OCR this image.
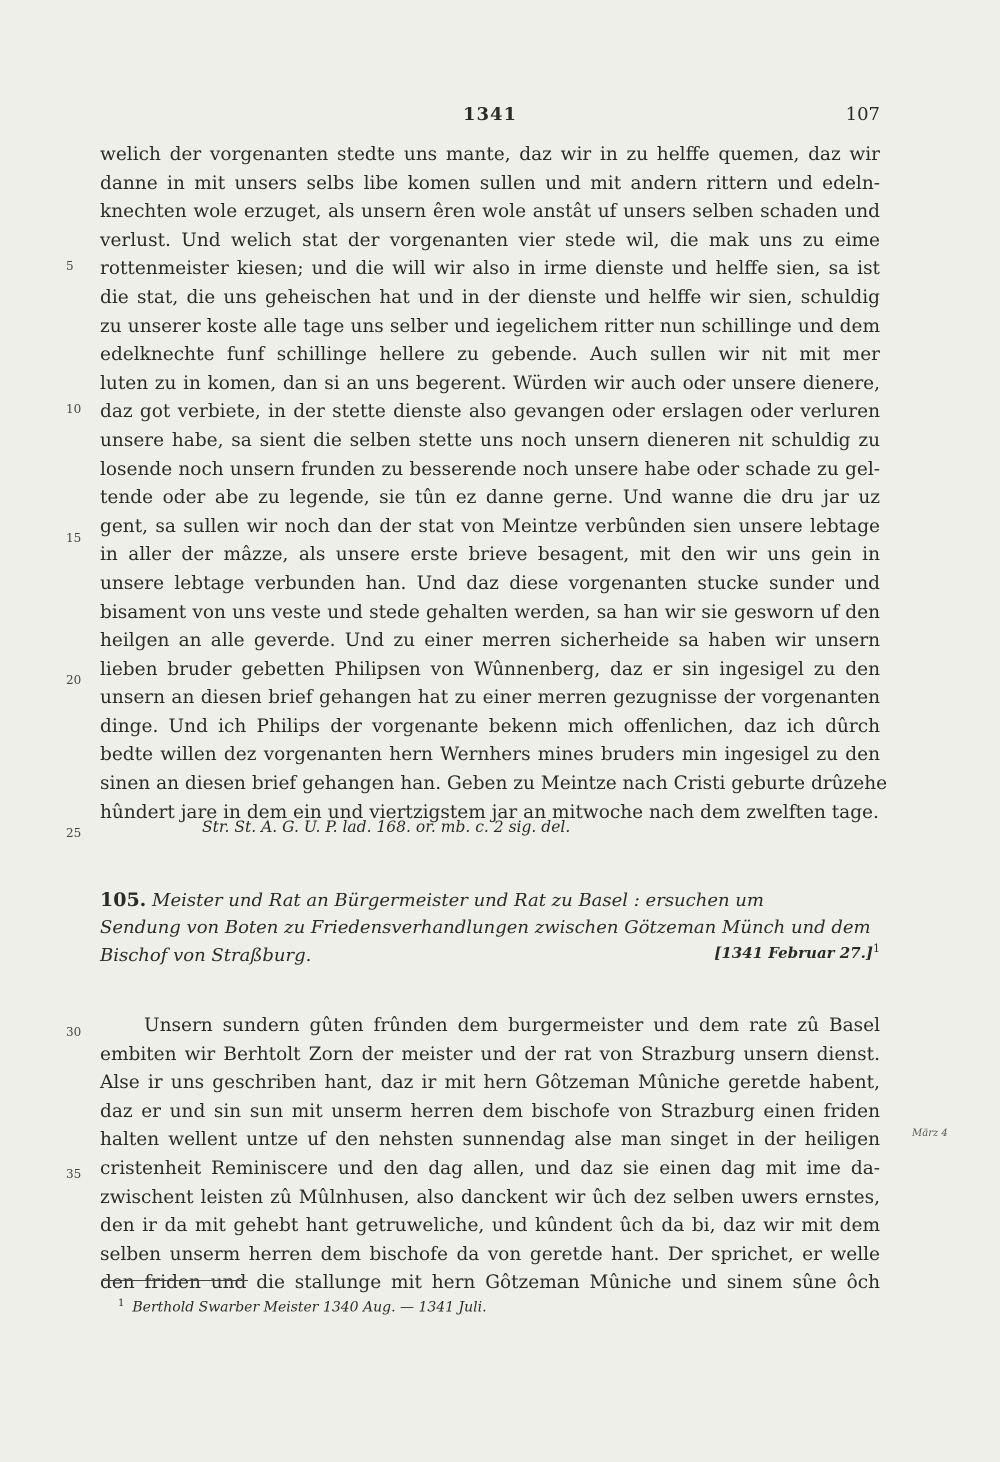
1341	107
5
10
15
20
25
30
35
welich der vorgenanten stedte uns mante, daz wir in zu helffe quemen, daz wir
danne in mit unsers selbs libe komen sullen und mit andern rittern und edeln-
knechten wole erzuget, als unsern êren wole anstât uf unsers selben schaden und
verlust. Und welich stat der vorgenanten vier stede wil, die mak uns zu eime
rottenmeister kiesen; und die will wir also in irme dienste und helffe sien, sa ist
die stat, die uns geheischen hat und in der dienste und helffe wir sien, schuldig
zu unserer koste alle tage uns selber und iegelichem ritter nun schillinge und dem
edelknechte funf schillinge hellere zu gebende. Auch sullen wir nit mit mer
luten zu in komen, dan si an uns begerent. Würden wir auch oder unsere dienere,
daz got verbiete, in der stette dienste also gevangen oder erslagen oder verluren
unsere habe, sa sient die selben stette uns noch unsern dieneren nit schuldig zu
losende noch unsern frunden zu besserende noch unsere habe oder schade zu gel-
tende oder abe zu legende, sie tûn ez danne gerne. Und wanne die dru jar uz
gent, sa sullen wir noch dan der stat von Meintze verbûnden sien unsere lebtage
in aller der mâzze, als unsere erste brieve besagent, mit den wir uns gein in
unsere lebtage verbunden han. Und daz diese vorgenanten stucke sunder und
bisament von uns veste und stede gehalten werden, sa han wir sie gesworn uf den
heilgen an alle geverde. Und zu einer merren sicherheide sa haben wir unsern
lieben bruder gebetten Philipsen von Wûnnenberg, daz er sin ingesigel zu den
unsern an diesen brief gehangen hat zu einer merren gezugnisse der vorgenanten
dinge. Und ich Philips der vorgenante bekenn mich offenlichen, daz ich dûrch
bedte willen dez vorgenanten hern Wernhers mines bruders min ingesigel zu den
sinen an diesen brief gehangen han. Geben zu Meintze nach Cristi geburte drûzehe
hûndert jare in dem ein und viertzigstem jar an mitwoche nach dem zwelften tage.
Str. St. A. G. U. P. lad. 168. or. mb. c. 2 sig. del.
105. Meister und Rat an Bürgermeister und Rat zu Basel : ersuchen um
Sendung von Boten zu Friedensverhandlungen zwischen Götzeman Münch und dem
Bischof von Straßburg.	[1341 Februar 27.]$^1$
Unsern sundern gûten frûnden dem burgermeister und dem rate zû Basel
embiten wir Berhtolt Zorn der meister und der rat von Strazburg unsern dienst.
Alse ir uns geschriben hant, daz ir mit hern Gôtzeman Mûniche geretde habent,
daz er und sin sun mit unserm herren dem bischofe von Strazburg einen friden
halten wellent untze uf den nehsten sunnendag alse man singet in der heiligen
cristenheit Reminiscere und den dag allen, und daz sie einen dag mit ime da-
zwischent leisten zû Mûlnhusen, also danckent wir ûch dez selben uwers ernstes,
den ir da mit gehebt hant getruweliche, und kûndent ûch da bi, daz wir mit dem
selben unserm herren dem bischofe da von geretde hant. Der sprichet, er welle
den friden und die stallunge mit hern Gôtzeman Mûniche und sinem sûne ôch
März 4
$^1$ Berthold Swarber Meister 1340 Aug. — 1341 Juli.
